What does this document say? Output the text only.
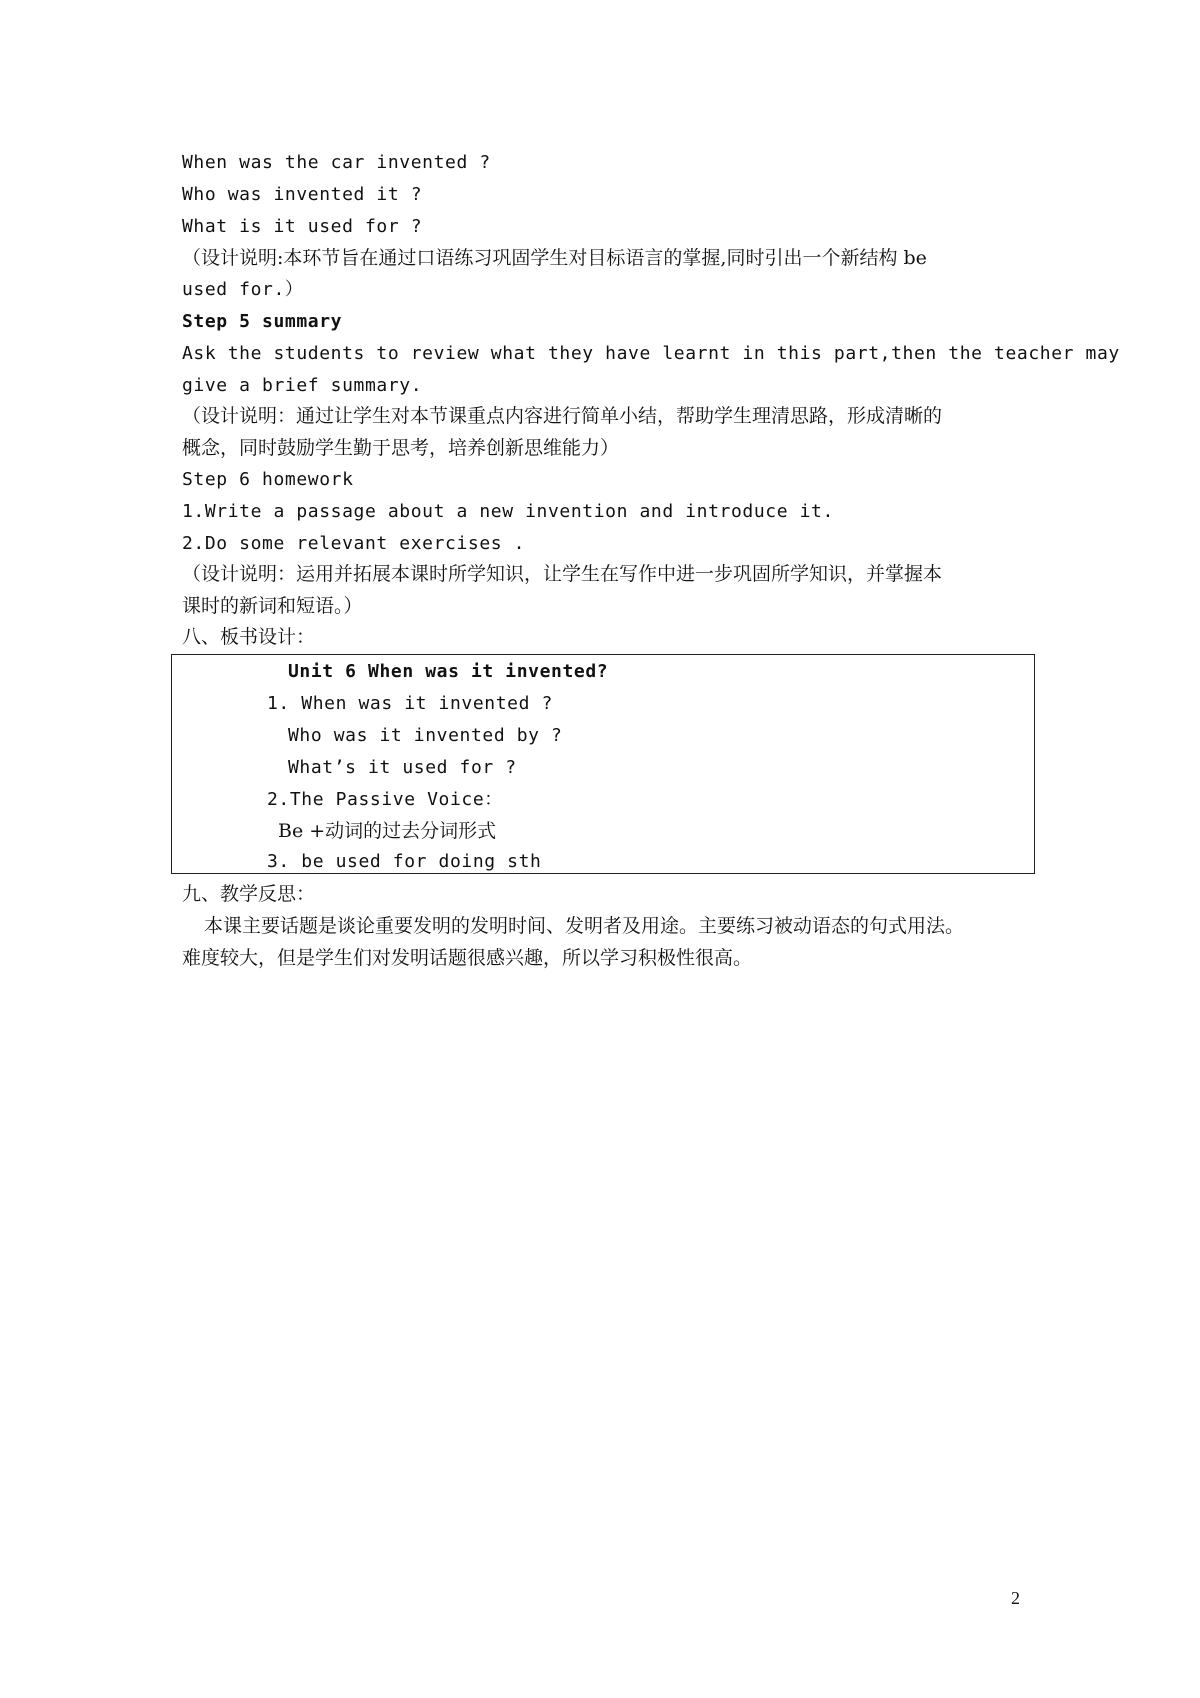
When was the car invented ?
Who was invented it ?
What is it used for ?
（设计说明:本环节旨在通过口语练习巩固学生对目标语言的掌握,同时引出一个新结构 be
used for.）
Step 5 summary
Ask the students to review what they have learnt in this part,then the teacher may
give a brief summary.
（设计说明：通过让学生对本节课重点内容进行简单小结，帮助学生理清思路，形成清晰的
概念，同时鼓励学生勤于思考，培养创新思维能力）
Step 6 homework
1.Write a passage about a new invention and introduce it.
2.Do some relevant exercises .
（设计说明：运用并拓展本课时所学知识，让学生在写作中进一步巩固所学知识，并掌握本
课时的新词和短语。）
八、板书设计：
Unit 6 When was it invented?
1. When was it invented ?
Who was it invented by ?
What’s it used for ?
2.The Passive Voice：
Be +动词的过去分词形式
3. be used for doing sth
九、教学反思：
本课主要话题是谈论重要发明的发明时间、发明者及用途。主要练习被动语态的句式用法。
难度较大，但是学生们对发明话题很感兴趣，所以学习积极性很高。
2
